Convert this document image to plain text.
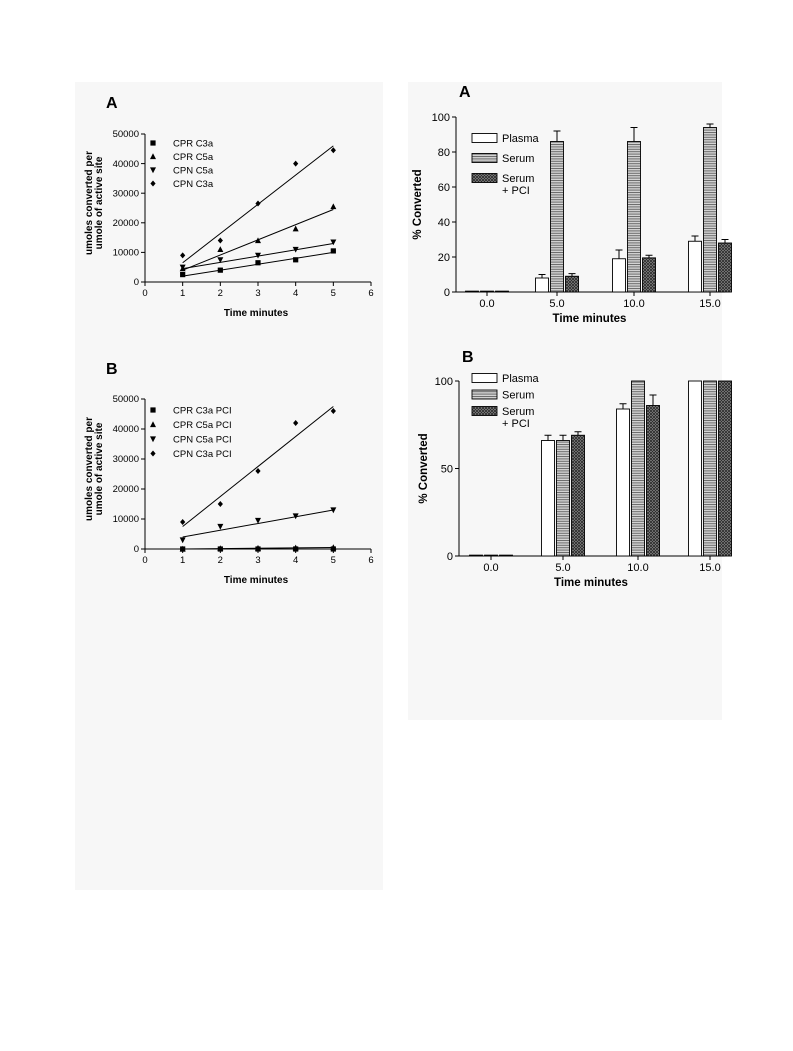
A
0
10000
20000
30000
40000
50000
0	1	2	3	4	5	6
Time minutes
umoles converted per umole of active site
CPR C3a
CPR C5a
CPN C5a
CPN C3a
B
0
10000
20000
30000
40000
50000
0	1	2	3	4	5	6
Time minutes
umoles converted per umole of active site
CPR C3a PCI
CPR C5a PCI
CPN C5a PCI
CPN C3a PCI
A
0
20
40
60
80
100
0.0	5.0	10.0	15.0
Time minutes
% Converted
Plasma
Serum
Serum
+ PCI
B
0
50
100
0.0	5.0	10.0	15.0
Time minutes
% Converted
Plasma
Serum
Serum
+ PCI
